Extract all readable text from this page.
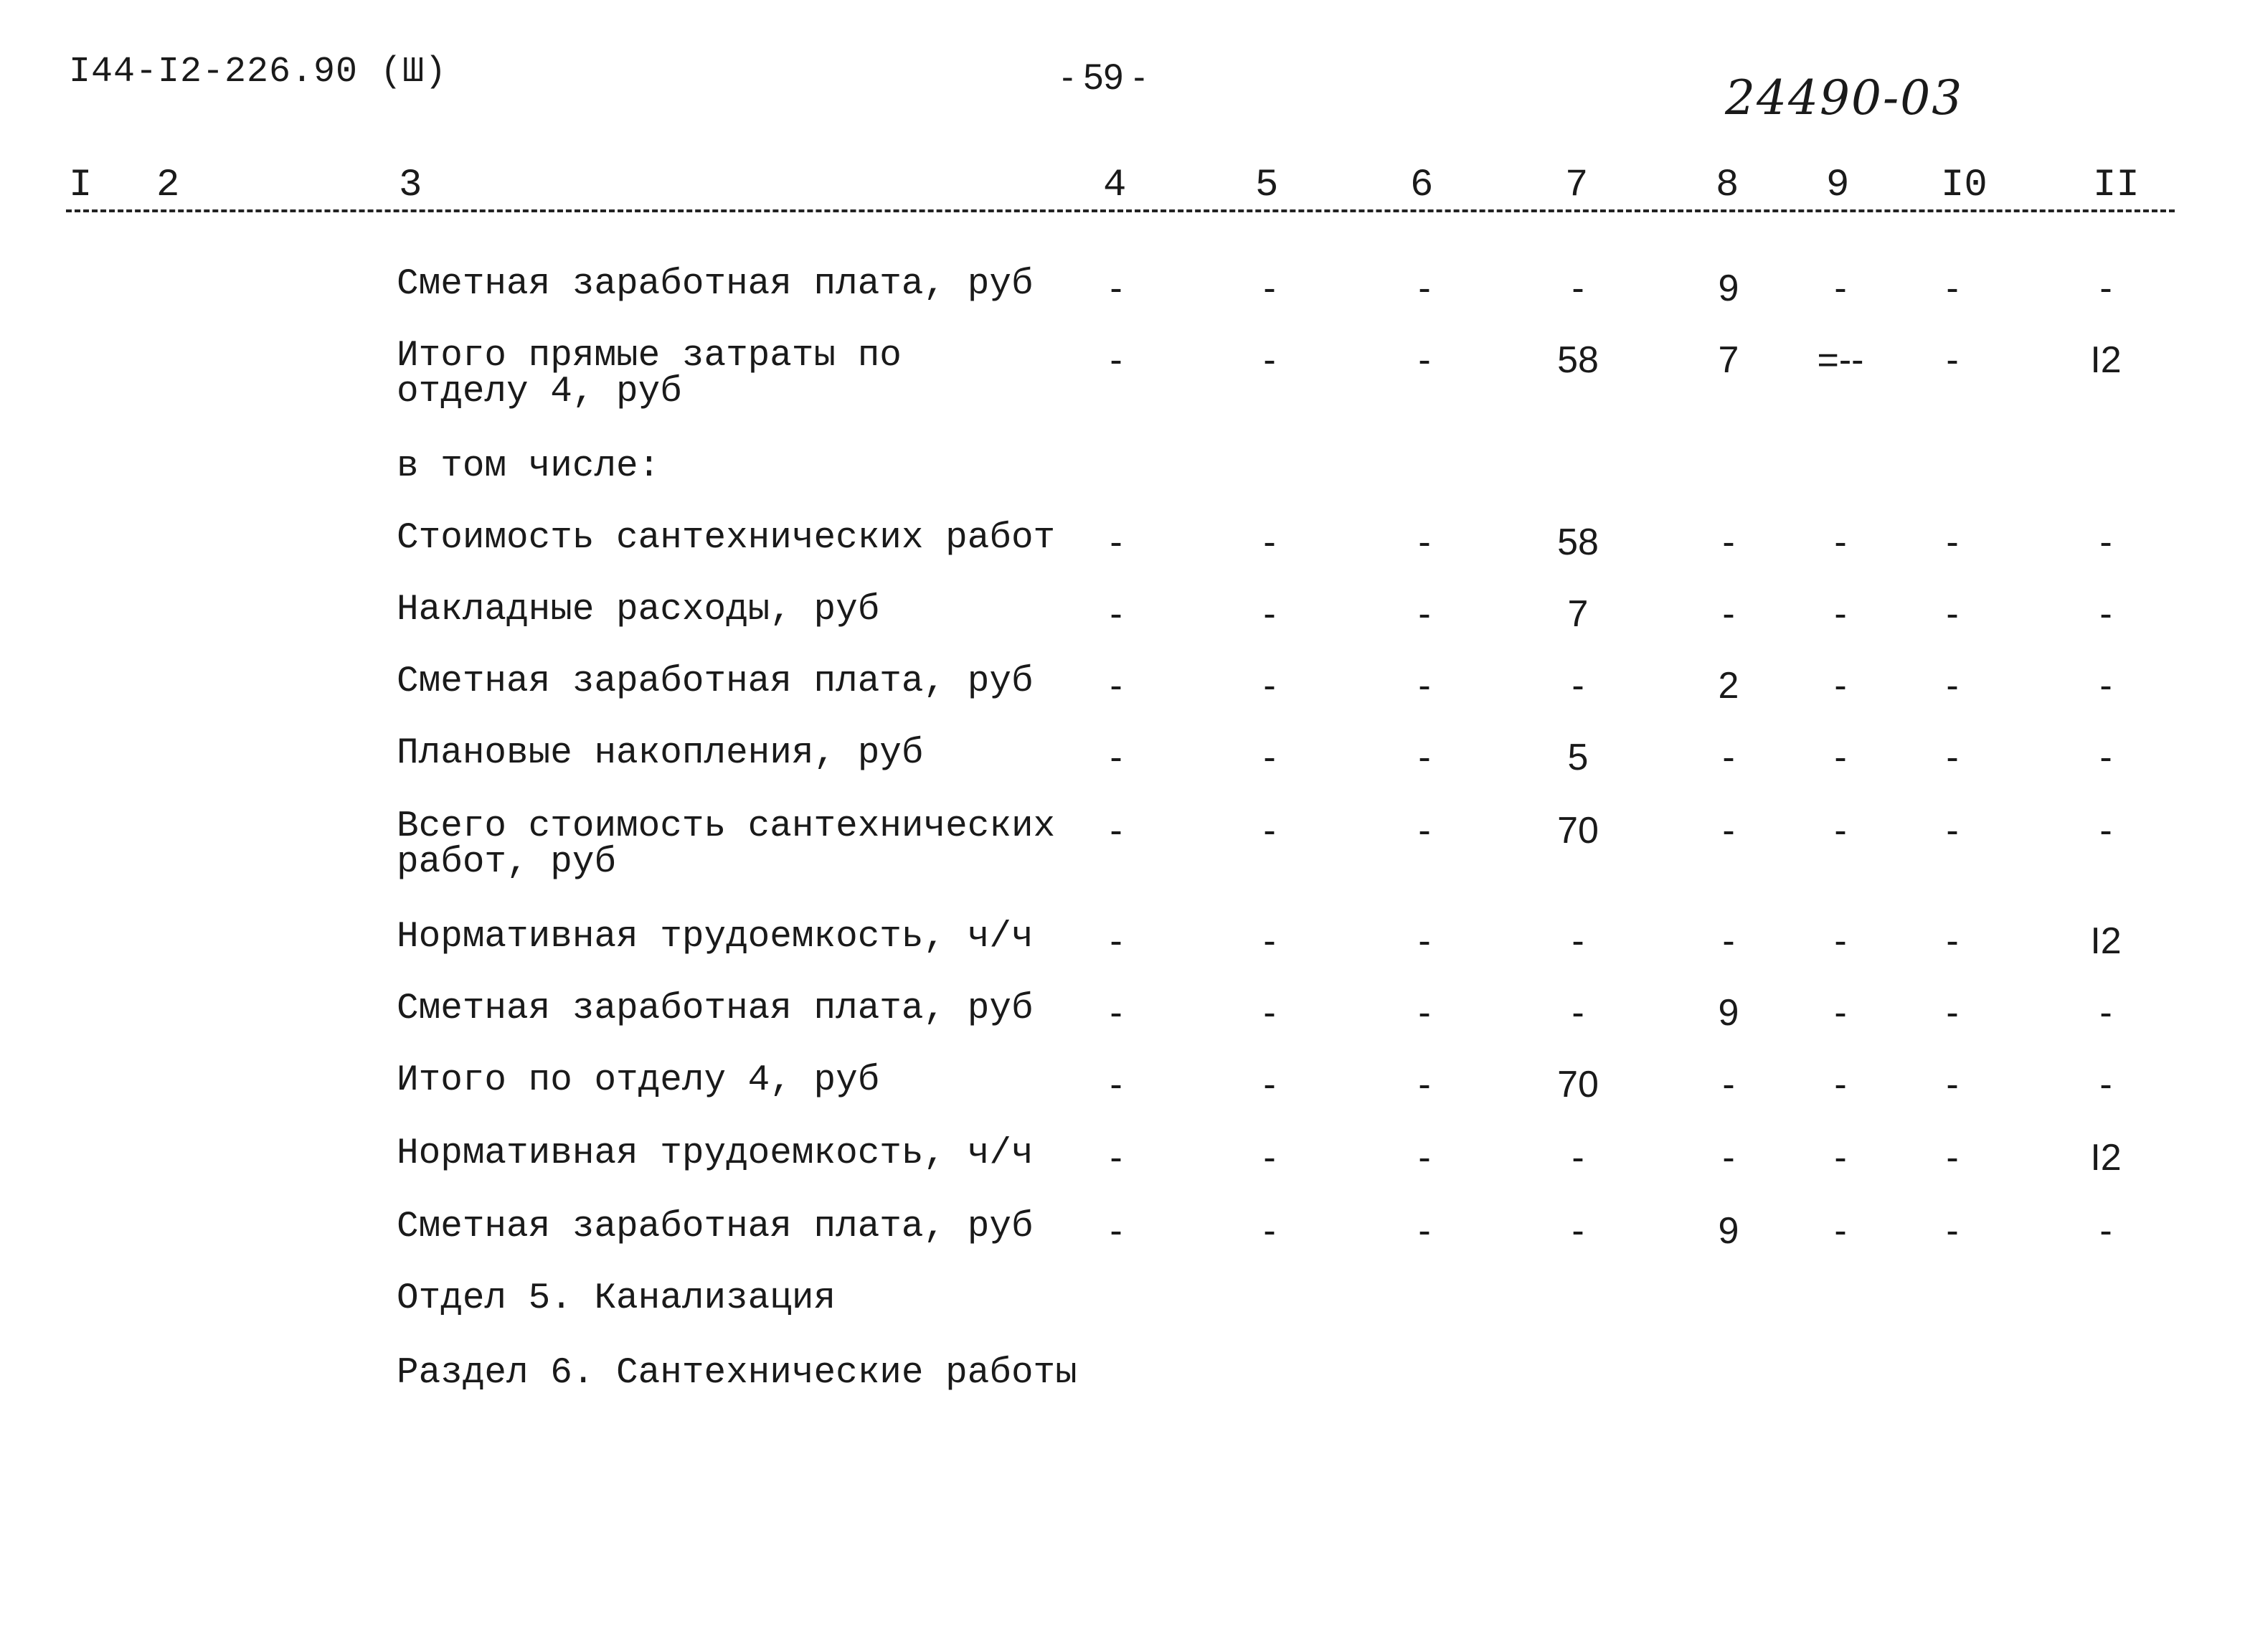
I44-I2-226.90 (Ш)	- 59 -	24490-03
I 2	3	4	5	6	7	8 9 I0	II
Сметная заработная плата, руб	-	-	-	-	9	-	-	-
Итого прямые затраты по
отделу 4, руб
-	-	-	58	7	=--	-	I2
в том числе:
Стоимость сантехнических работ	-	-	-	58	-	-	-	-
Накладные расходы, руб	-	-	-	7	-	-	-	-
Сметная заработная плата, руб	-	-	-	-	2	-	-	-
Плановые накопления, руб	-	-	-	5	-	-	-	-
Всего стоимость сантехнических
работ, руб
-	-	-	70	-	-	-	-
Нормативная трудоемкость, ч/ч	-	-	-	-	-	-	-	I2
Сметная заработная плата, руб	-	-	-	-	9	-	-	-
Итого по отделу 4, руб	-	-	-	70	-	-	-	-
Нормативная трудоемкость, ч/ч	-	-	-	-	-	-	-	I2
Сметная заработная плата, руб	-	-	-	-	9	-	-	-
Отдел 5. Канализация
Раздел 6. Сантехнические работы
